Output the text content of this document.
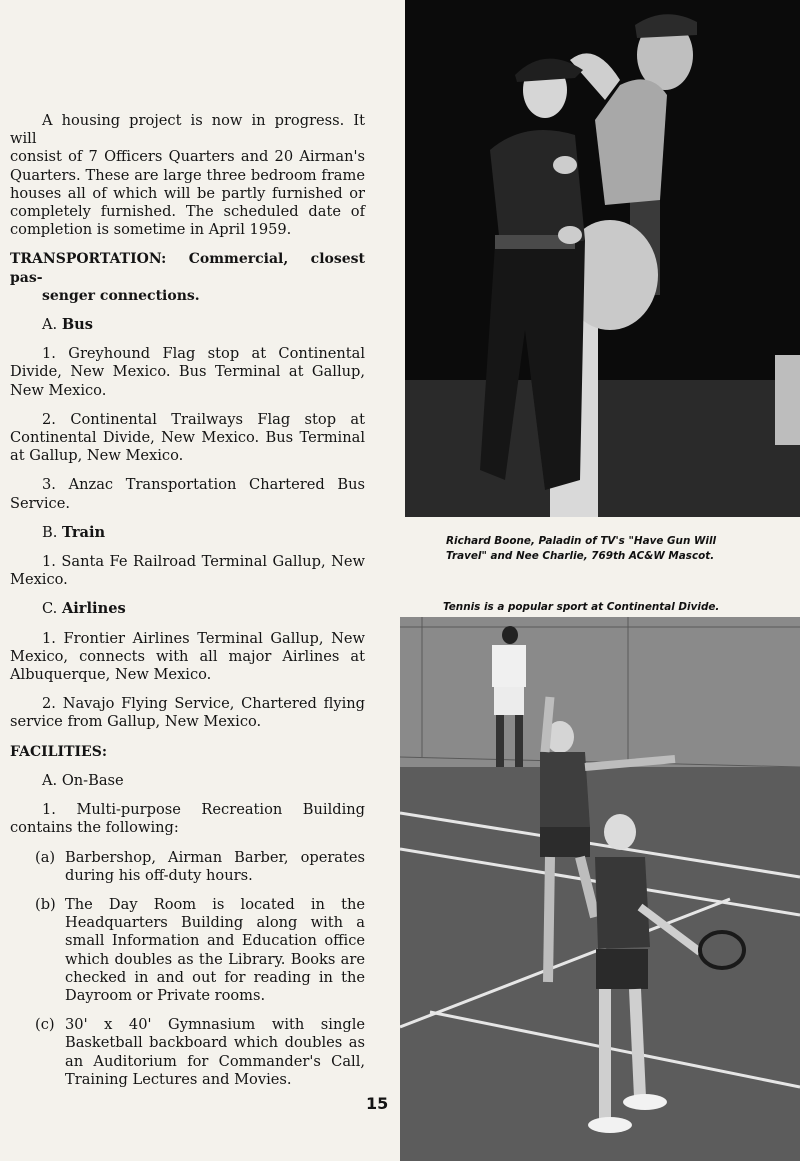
A housing project is now in progress. It will

consist of 7 Officers Quarters and 20 Airman's

Quarters. These are large three bedroom frame

houses all of which will be partly furnished or

completely furnished. The scheduled date of

completion is sometime in April 1959.

TRANSPORTATION: Commercial, closest pas-

senger connections.

A. Bus

1. Greyhound Flag stop at Continental Divide, New Mexico. Bus Terminal at Gallup, New Mexico.

2. Continental Trailways Flag stop at Continental Divide, New Mexico. Bus Terminal at Gallup, New Mexico.

3. Anzac Transportation Chartered Bus Service.

B. Train

1. Santa Fe Railroad Terminal Gallup, New Mexico.

C. Airlines

1. Frontier Airlines Terminal Gallup, New Mexico, connects with all major Airlines at Albuquerque, New Mexico.

2. Navajo Flying Service, Chartered flying service from Gallup, New Mexico.

FACILITIES:

A. On-Base

1. Multi-purpose Recreation Building contains the following:

(a) Barbershop, Airman Barber, operates during his off-duty hours.
(b) The Day Room is located in the Headquarters Building along with a small Information and Education office which doubles as the Library. Books are checked in and out for reading in the Dayroom or Private rooms.
(c) 30' x 40' Gymnasium with single Basketball backboard which doubles as an Auditorium for Commander's Call, Training Lectures and Movies.

Richard Boone, Paladin of TV's "Have Gun Will
Travel" and Nee Charlie, 769th AC&W Mascot.

Tennis is a popular sport at Continental Divide.

15
